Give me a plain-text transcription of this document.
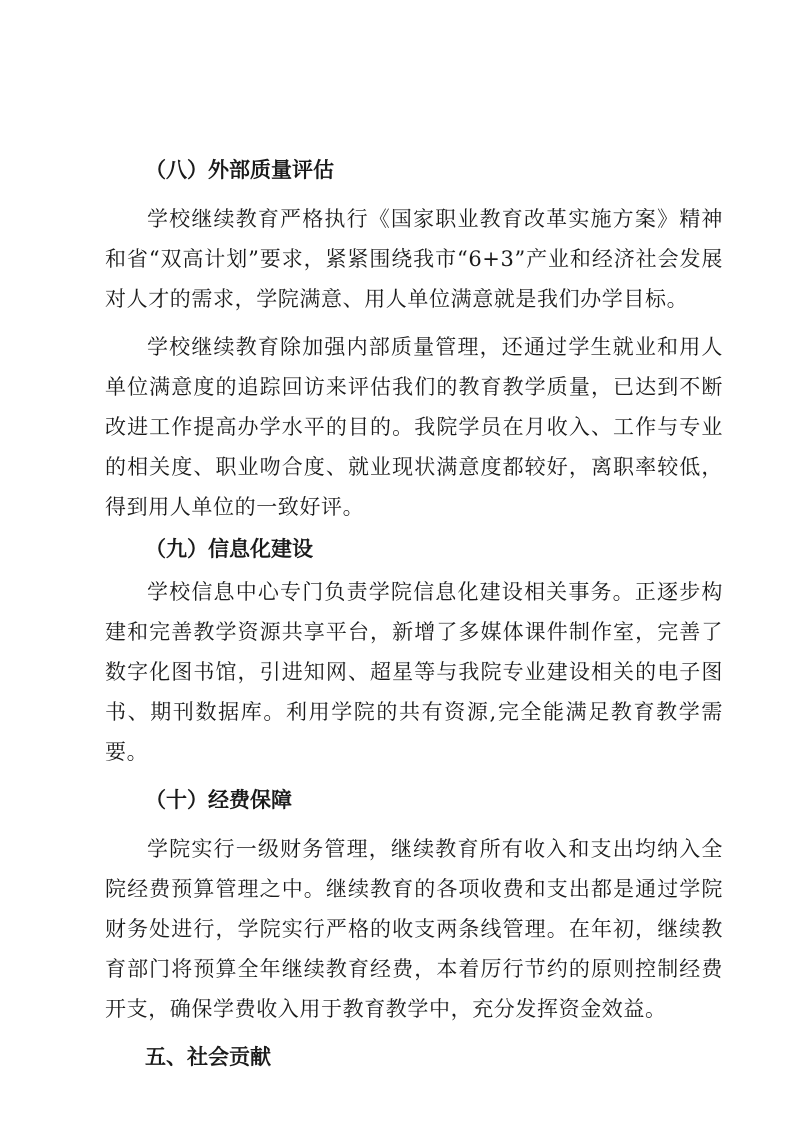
（八）外部质量评估

学校继续教育严格执行《国家职业教育改革实施方案》精神和省“双高计划”要求，紧紧围绕我市“6+3”产业和经济社会发展对人才的需求，学院满意、用人单位满意就是我们办学目标。

学校继续教育除加强内部质量管理，还通过学生就业和用人单位满意度的追踪回访来评估我们的教育教学质量，已达到不断改进工作提高办学水平的目的。我院学员在月收入、工作与专业的相关度、职业吻合度、就业现状满意度都较好，离职率较低，得到用人单位的一致好评。

（九）信息化建设

学校信息中心专门负责学院信息化建设相关事务。正逐步构建和完善教学资源共享平台，新增了多媒体课件制作室，完善了数字化图书馆，引进知网、超星等与我院专业建设相关的电子图书、期刊数据库。利用学院的共有资源,完全能满足教育教学需要。

（十）经费保障

学院实行一级财务管理，继续教育所有收入和支出均纳入全院经费预算管理之中。继续教育的各项收费和支出都是通过学院财务处进行，学院实行严格的收支两条线管理。在年初，继续教育部门将预算全年继续教育经费，本着厉行节约的原则控制经费开支，确保学费收入用于教育教学中，充分发挥资金效益。

五、社会贡献
